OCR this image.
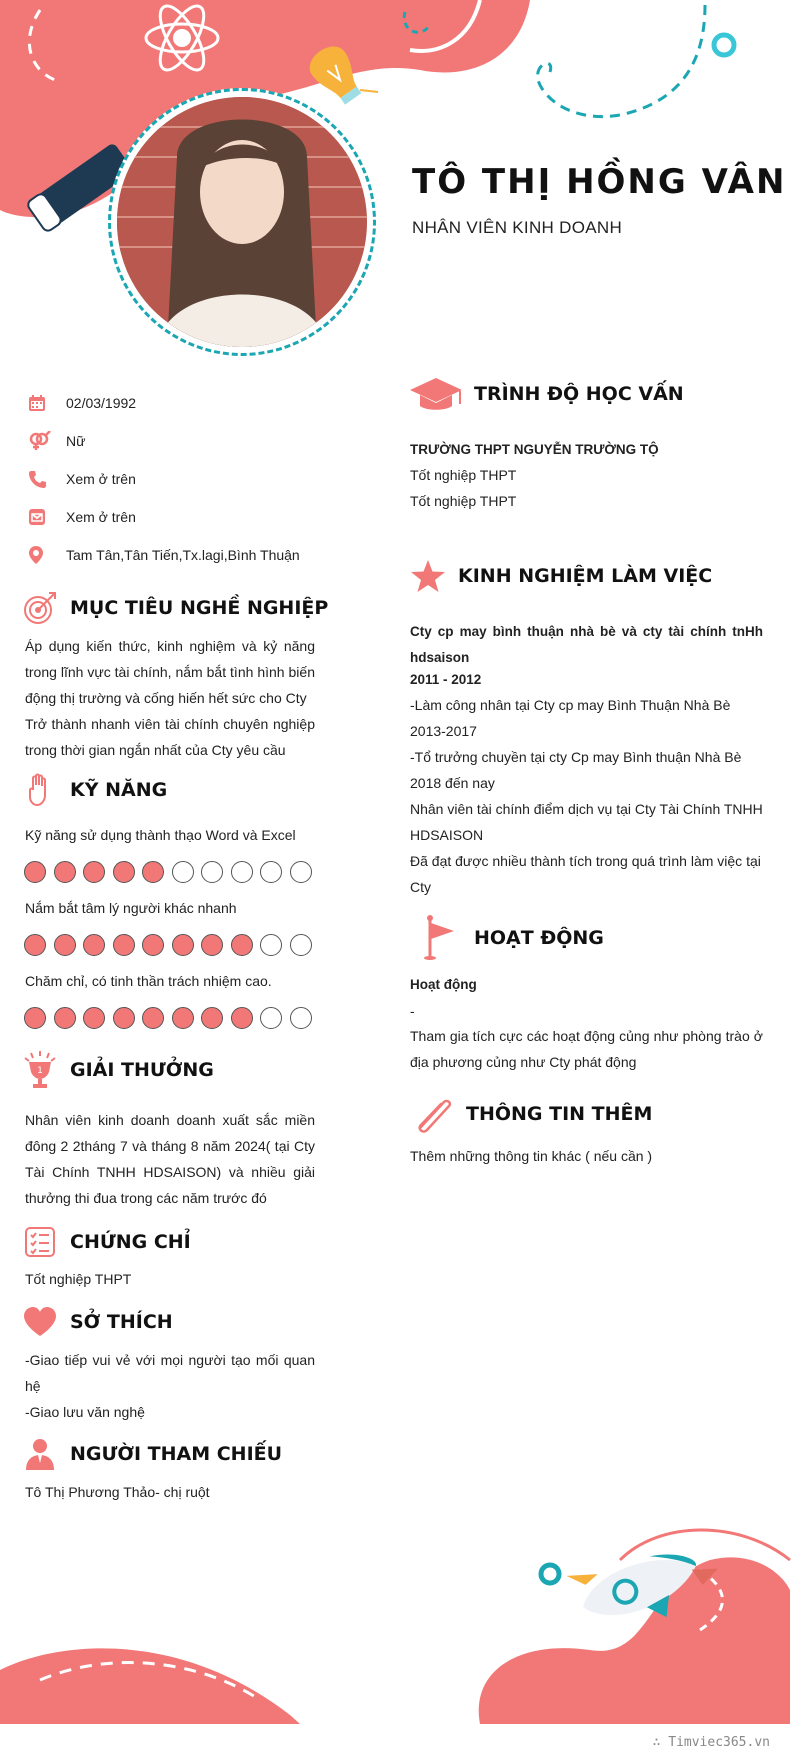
TÔ THỊ HỒNG VÂN
NHÂN VIÊN KINH DOANH
02/03/1992
Nữ
Xem ở trên
Xem ở trên
Tam Tân,Tân Tiến,Tx.lagi,Bình Thuận
MỤC TIÊU NGHỀ NGHIỆP
Áp dụng kiến thức, kinh nghiệm và kỷ năng trong lĩnh vực tài chính, nắm bắt tình hình biến động thị trường và cống hiến hết sức cho Cty
Trở thành nhanh viên tài chính chuyên nghiệp trong thời gian ngắn nhất của Cty yêu cầu
KỸ NĂNG
Kỹ năng sử dụng thành thạo Word và Excel
Nắm bắt tâm lý người khác nhanh
Chăm chỉ, có tinh thần trách nhiệm cao.
1 GIẢI THƯỞNG
Nhân viên kinh doanh doanh xuất sắc miền đông 2 2tháng 7 và tháng 8 năm 2024( tại Cty Tài Chính TNHH HDSAISON) và nhiều giải thưởng thi đua trong các năm trước đó
CHỨNG CHỈ
Tốt nghiệp THPT
SỞ THÍCH
-Giao tiếp vui vẻ với mọi người tạo mối quan hệ
-Giao lưu văn nghệ
NGƯỜI THAM CHIẾU
Tô Thị Phương Thảo- chị ruột
TRÌNH ĐỘ HỌC VẤN
TRƯỜNG THPT NGUYỄN TRƯỜNG TỘ
Tốt nghiệp THPT
Tốt nghiệp THPT
KINH NGHIỆM LÀM VIỆC
Cty cp may bình thuận nhà bè và cty tài chính tnHh hdsaison
2011 - 2012
-Làm công nhân tại Cty cp may Bình Thuận Nhà Bè
2013-2017
-Tổ trưởng chuyền tại cty Cp may Bình thuận Nhà Bè
2018 đến nay
Nhân viên tài chính điểm dịch vụ tại Cty Tài Chính TNHH HDSAISON
Đã đạt được nhiều thành tích trong quá trình làm việc tại Cty
HOẠT ĐỘNG
Hoạt động
-
Tham gia tích cực các hoạt động củng như phòng trào ở địa phương củng như Cty phát động
THÔNG TIN THÊM
Thêm những thông tin khác ( nếu cần )
∴ Timviec365.vn
